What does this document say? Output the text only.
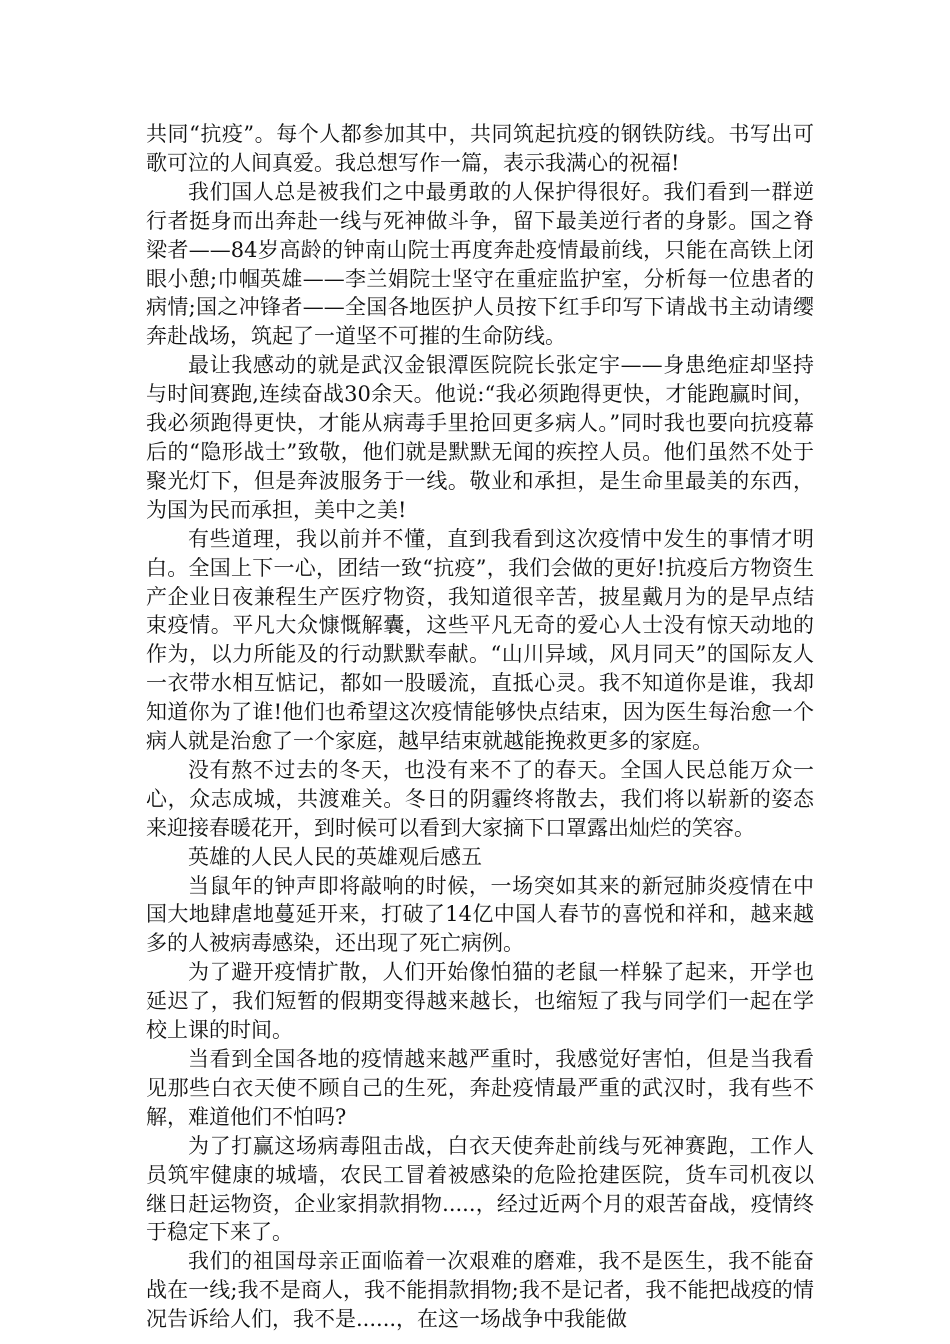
共同“抗疫”。每个人都参加其中，共同筑起抗疫的钢铁防线。书写出可歌可泣的人间真爱。我总想写作一篇，表示我满心的祝福!

我们国人总是被我们之中最勇敢的人保护得很好。我们看到一群逆行者挺身而出奔赴一线与死神做斗争，留下最美逆行者的身影。国之脊梁者——84岁高龄的钟南山院士再度奔赴疫情最前线，只能在高铁上闭眼小憩;巾帼英雄——李兰娟院士坚守在重症监护室，分析每一位患者的病情;国之冲锋者——全国各地医护人员按下红手印写下请战书主动请缨奔赴战场，筑起了一道坚不可摧的生命防线。

最让我感动的就是武汉金银潭医院院长张定宇——身患绝症却坚持与时间赛跑,连续奋战30余天。他说:“我必须跑得更快，才能跑赢时间，我必须跑得更快，才能从病毒手里抢回更多病人。”同时我也要向抗疫幕后的“隐形战士”致敬，他们就是默默无闻的疾控人员。他们虽然不处于聚光灯下，但是奔波服务于一线。敬业和承担，是生命里最美的东西，为国为民而承担，美中之美!

有些道理，我以前并不懂，直到我看到这次疫情中发生的事情才明白。全国上下一心，团结一致“抗疫”，我们会做的更好!抗疫后方物资生产企业日夜兼程生产医疗物资，我知道很辛苦，披星戴月为的是早点结束疫情。平凡大众慷慨解囊，这些平凡无奇的爱心人士没有惊天动地的作为，以力所能及的行动默默奉献。“山川异域，风月同天”的国际友人一衣带水相互惦记，都如一股暖流，直抵心灵。我不知道你是谁，我却知道你为了谁!他们也希望这次疫情能够快点结束，因为医生每治愈一个病人就是治愈了一个家庭，越早结束就越能挽救更多的家庭。

没有熬不过去的冬天，也没有来不了的春天。全国人民总能万众一心，众志成城，共渡难关。冬日的阴霾终将散去，我们将以崭新的姿态来迎接春暖花开，到时候可以看到大家摘下口罩露出灿烂的笑容。

英雄的人民人民的英雄观后感五

当鼠年的钟声即将敲响的时候，一场突如其来的新冠肺炎疫情在中国大地肆虐地蔓延开来，打破了14亿中国人春节的喜悦和祥和，越来越多的人被病毒感染，还出现了死亡病例。

为了避开疫情扩散，人们开始像怕猫的老鼠一样躲了起来，开学也延迟了，我们短暂的假期变得越来越长，也缩短了我与同学们一起在学校上课的时间。

当看到全国各地的疫情越来越严重时，我感觉好害怕，但是当我看见那些白衣天使不顾自己的生死，奔赴疫情最严重的武汉时，我有些不解，难道他们不怕吗?

为了打赢这场病毒阻击战，白衣天使奔赴前线与死神赛跑，工作人员筑牢健康的城墙，农民工冒着被感染的危险抢建医院，货车司机夜以继日赶运物资，企业家捐款捐物.....，经过近两个月的艰苦奋战，疫情终于稳定下来了。

我们的祖国母亲正面临着一次艰难的磨难，我不是医生，我不能奋战在一线;我不是商人，我不能捐款捐物;我不是记者，我不能把战疫的情况告诉给人们，我不是......，在这一场战争中我能做
